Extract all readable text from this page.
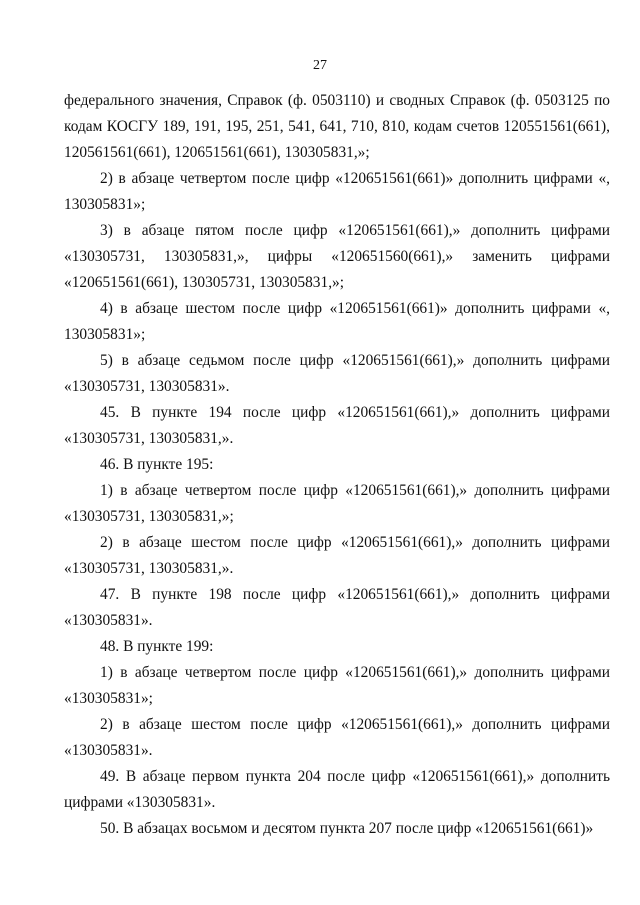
27

федерального значения, Справок (ф. 0503110) и сводных Справок (ф. 0503125 по кодам КОСГУ 189, 191, 195, 251, 541, 641, 710, 810, кодам счетов 120551561(661), 120561561(661), 120651561(661), 130305831,»;

2) в абзаце четвертом после цифр «120651561(661)» дополнить цифрами «, 130305831»;

3) в абзаце пятом после цифр «120651561(661),» дополнить цифрами «130305731, 130305831,», цифры «120651560(661),» заменить цифрами «120651561(661), 130305731, 130305831,»;

4) в абзаце шестом после цифр «120651561(661)» дополнить цифрами «, 130305831»;

5) в абзаце седьмом после цифр «120651561(661),» дополнить цифрами «130305731, 130305831».

45. В пункте 194 после цифр «120651561(661),» дополнить цифрами «130305731, 130305831,».

46. В пункте 195:

1) в абзаце четвертом после цифр «120651561(661),» дополнить цифрами «130305731, 130305831,»;

2) в абзаце шестом после цифр «120651561(661),» дополнить цифрами «130305731, 130305831,».

47. В пункте 198 после цифр «120651561(661),» дополнить цифрами «130305831».

48. В пункте 199:

1) в абзаце четвертом после цифр «120651561(661),» дополнить цифрами «130305831»;

2) в абзаце шестом после цифр «120651561(661),» дополнить цифрами «130305831».

49. В абзаце первом пункта 204 после цифр «120651561(661),» дополнить цифрами «130305831».

50. В абзацах восьмом и десятом пункта 207 после цифр «120651561(661)»
